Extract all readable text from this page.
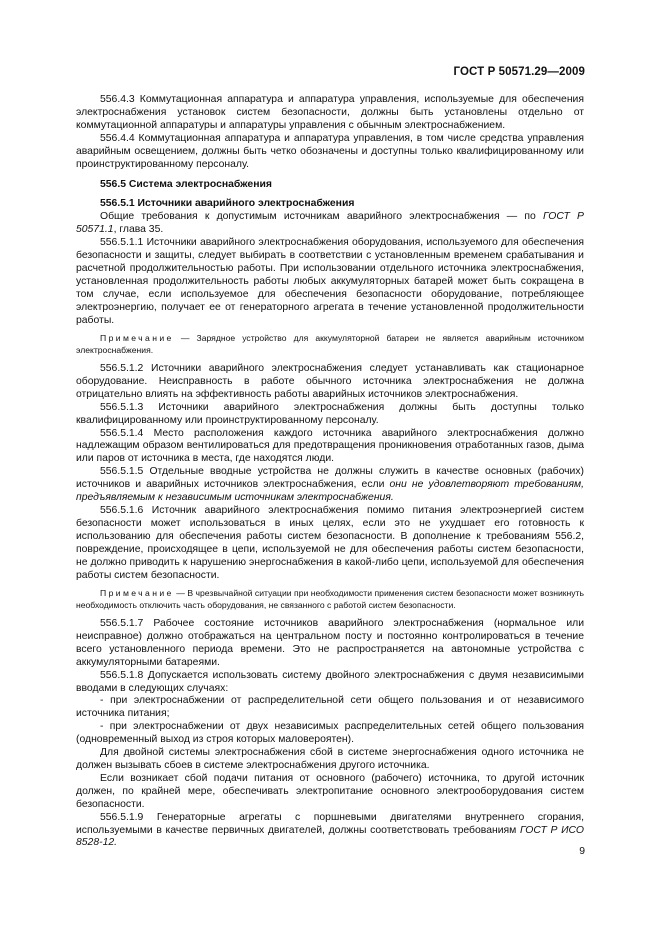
ГОСТ Р 50571.29—2009

556.4.3 Коммутационная аппаратура и аппаратура управления, используемые для обеспечения электроснабжения установок систем безопасности, должны быть установлены отдельно от коммутационной аппаратуры и аппаратуры управления с обычным электроснабжением.

556.4.4 Коммутационная аппаратура и аппаратура управления, в том числе средства управления аварийным освещением, должны быть четко обозначены и доступны только квалифицированному или проинструктированному персоналу.

556.5 Система электроснабжения
556.5.1 Источники аварийного электроснабжения

Общие требования к допустимым источникам аварийного электроснабжения — по ГОСТ Р 50571.1, глава 35.

556.5.1.1 Источники аварийного электроснабжения оборудования, используемого для обеспечения безопасности и защиты, следует выбирать в соответствии с установленным временем срабатывания и расчетной продолжительностью работы. При использовании отдельного источника электроснабжения, установленная продолжительность работы любых аккумуляторных батарей может быть сокращена в том случае, если используемое для обеспечения безопасности оборудование, потребляющее электроэнергию, получает ее от генераторного агрегата в течение установленной продолжительности работы.

Примечание — Зарядное устройство для аккумуляторной батареи не является аварийным источником электроснабжения.

556.5.1.2 Источники аварийного электроснабжения следует устанавливать как стационарное оборудование. Неисправность в работе обычного источника электроснабжения не должна отрицательно влиять на эффективность работы аварийных источников электроснабжения.

556.5.1.3 Источники аварийного электроснабжения должны быть доступны только квалифицированному или проинструктированному персоналу.

556.5.1.4 Место расположения каждого источника аварийного электроснабжения должно надлежащим образом вентилироваться для предотвращения проникновения отработанных газов, дыма или паров от источника в места, где находятся люди.

556.5.1.5 Отдельные вводные устройства не должны служить в качестве основных (рабочих) источников и аварийных источников электроснабжения, если они не удовлетворяют требованиям, предъявляемым к независимым источникам электроснабжения.

556.5.1.6 Источник аварийного электроснабжения помимо питания электроэнергией систем безопасности может использоваться в иных целях, если это не ухудшает его готовность к использованию для обеспечения работы систем безопасности. В дополнение к требованиям 556.2, повреждение, происходящее в цепи, используемой не для обеспечения работы систем безопасности, не должно приводить к нарушению энергоснабжения в какой-либо цепи, используемой для обеспечения работы систем безопасности.

Примечание — В чрезвычайной ситуации при необходимости применения систем безопасности может возникнуть необходимость отключить часть оборудования, не связанного с работой систем безопасности.

556.5.1.7 Рабочее состояние источников аварийного электроснабжения (нормальное или неисправное) должно отображаться на центральном посту и постоянно контролироваться в течение всего установленного периода времени. Это не распространяется на автономные устройства с аккумуляторными батареями.

556.5.1.8 Допускается использовать систему двойного электроснабжения с двумя независимыми вводами в следующих случаях:

- при электроснабжении от распределительной сети общего пользования и от независимого источника питания;

- при электроснабжении от двух независимых распределительных сетей общего пользования (одновременный выход из строя которых маловероятен).

Для двойной системы электроснабжения сбой в системе энергоснабжения одного источника не должен вызывать сбоев в системе электроснабжения другого источника.

Если возникает сбой подачи питания от основного (рабочего) источника, то другой источник должен, по крайней мере, обеспечивать электропитание основного электрооборудования систем безопасности.

556.5.1.9 Генераторные агрегаты с поршневыми двигателями внутреннего сгорания, используемыми в качестве первичных двигателей, должны соответствовать требованиям ГОСТ Р ИСО 8528-12.

9
